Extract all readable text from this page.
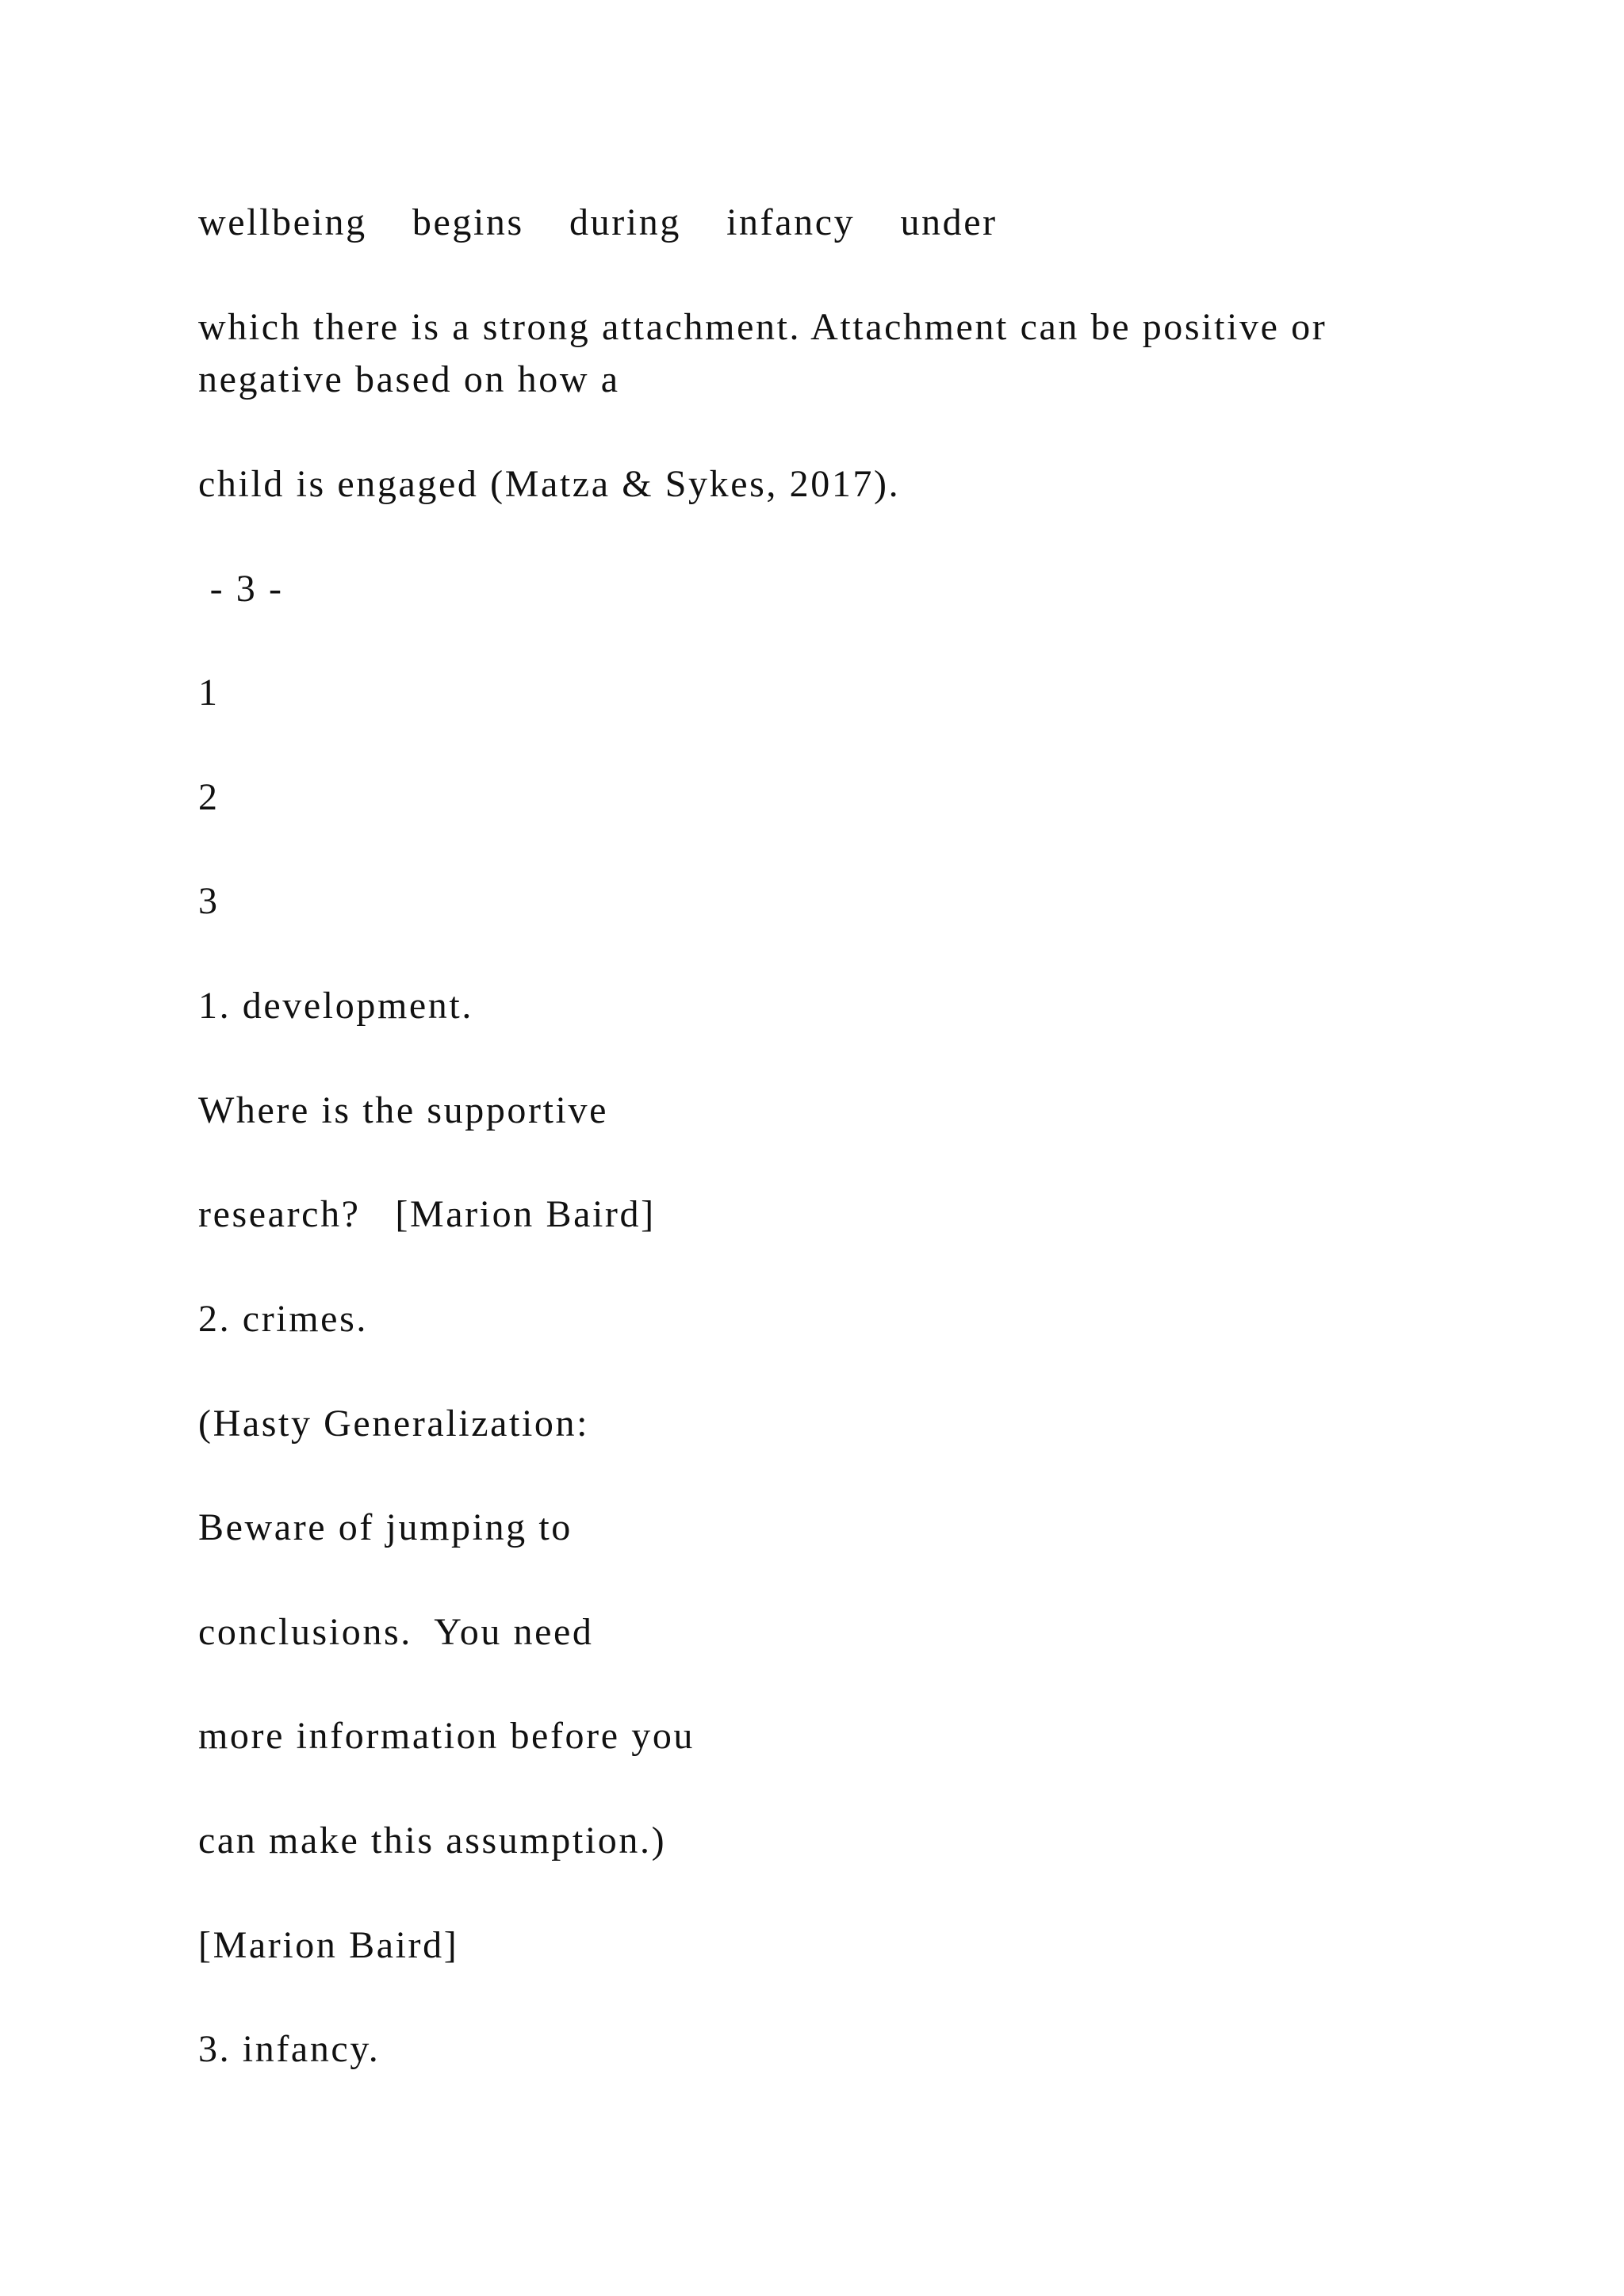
wellbeing  begins  during  infancy  under
which there is a strong attachment. Attachment can be positive or negative based on how a
child is engaged (Matza & Sykes, 2017).
- 3 -
1
2
3
1. development.
Where is the supportive
research?   [Marion Baird]
2. crimes.
(Hasty Generalization:
Beware of jumping to
conclusions.  You need
more information before you
can make this assumption.)
[Marion Baird]
3. infancy.
